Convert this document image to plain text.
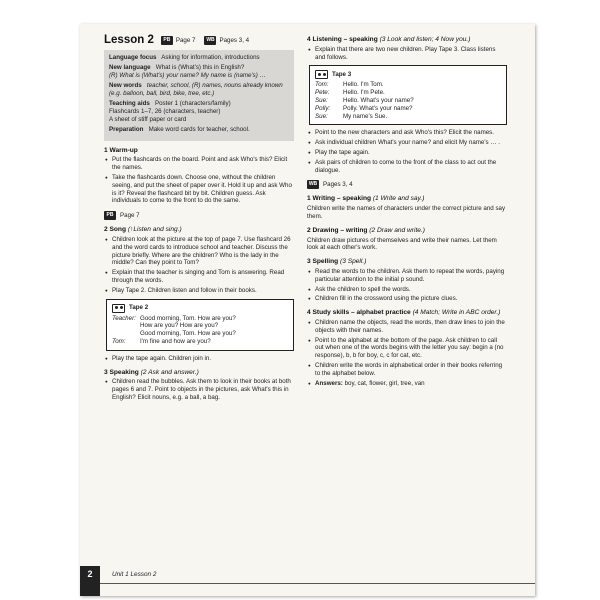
Lesson 2	PB Page 7	WB Pages 3, 4
Language focus Asking for information, introductions
New language What is (What's) this in English?
(R) What is (What's) your name? My name is (name's) …
New words teacher, school, (R) names, nouns already known (e.g. balloon, ball, bird, bike, tree, etc.)
Teaching aids Poster 1 (characters/family)
Flashcards 1–7, 26 (characters, teacher)
A sheet of stiff paper or card
Preparation Make word cards for teacher, school.
1 Warm-up
● Put the flashcards on the board. Point and ask Who's this? Elicit the names.
● Take the flashcards down. Choose one, without the children seeing, and put the sheet of paper over it. Hold it up and ask Who is it? Reveal the flashcard bit by bit. Children guess. Ask individuals to come to the front to do the same.
PB	Page 7
2 Song (↑Listen and sing.)
● Children look at the picture at the top of page 7. Use flashcard 26 and the word cards to introduce school and teacher. Discuss the picture briefly. Where are the children? Who is the lady in the middle? Can they point to Tom?
● Explain that the teacher is singing and Tom is answering. Read through the words.
● Play Tape 2. Children listen and follow in their books.
Tape 2
Teacher: Good morning, Tom. How are you?
How are you? How are you?
Good morning, Tom. How are you?
Tom:	I'm fine and how are you?
● Play the tape again. Children join in.
3 Speaking (2 Ask and answer.)
● Children read the bubbles. Ask them to look in their books at both pages 6 and 7. Point to objects in the pictures, ask What's this in English? Elicit nouns, e.g. a ball, a bag.
4 Listening – speaking (3 Look and listen; 4 Now you.)
● Explain that there are two new children. Play Tape 3. Class listens and follows.
Tape 3
Tom:	Hello. I'm Tom.
Pete:	Hello. I'm Pete.
Sue:	Hello. What's your name?
Polly:	Polly. What's your name?
Sue:	My name's Sue.
● Point to the new characters and ask Who's this? Elicit the names.
● Ask individual children What's your name? and elicit My name's … .
● Play the tape again.
● Ask pairs of children to come to the front of the class to act out the dialogue.
WB Pages 3, 4
1 Writing – speaking (1 Write and say.)

Children write the names of characters under the correct picture and say them.

2 Drawing – writing (2 Draw and write.)

Children draw pictures of themselves and write their names. Let them look at each other's work.

3 Spelling (3 Spell.)
● Read the words to the children. Ask them to repeat the words, paying particular attention to the initial p sound.
● Ask the children to spell the words.
● Children fill in the crossword using the picture clues.
4 Study skills – alphabet practice (4 Match; Write in ABC order.)
● Children name the objects, read the words, then draw lines to join the objects with their names.
● Point to the alphabet at the bottom of the page. Ask children to call out when one of the words begins with the letter you say: begin a (no response), b, b for boy, c, c for cat, etc.
● Children write the words in alphabetical order in their books referring to the alphabet below.
● Answers: boy, cat, flower, girl, tree, van
2	Unit 1 Lesson 2
